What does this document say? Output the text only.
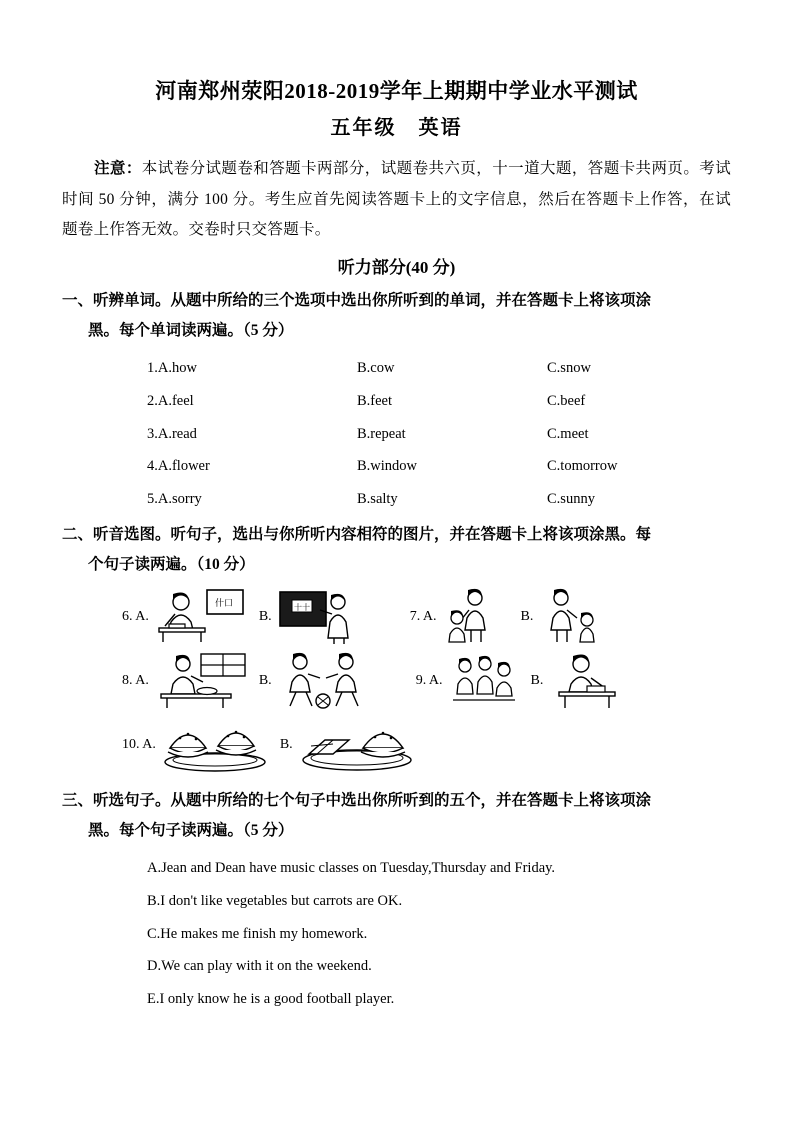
河南郑州荥阳2018-2019学年上期期中学业水平测试
五年级　英语

注意：本试卷分试题卷和答题卡两部分，试题卷共六页，十一道大题，答题卡共两页。考试时间 50 分钟，满分 100 分。考生应首先阅读答题卡上的文字信息，然后在答题卡上作答，在试题卷上作答无效。交卷时只交答题卡。

听力部分(40 分)
一、听辨单词。从题中所给的三个选项中选出你所听到的单词，并在答题卡上将该项涂
黑。每个单词读两遍。（5 分）
1.A.how	B.cow	C.snow
2.A.feel	B.feet	C.beef
3.A.read	B.repeat	C.meet
4.A.flower	B.window	C.tomorrow
5.A.sorry	B.salty	C.sunny
二、听音选图。听句子，选出与你所听内容相符的图片，并在答题卡上将该项涂黑。每
个句子读两遍。（10 分）
6. A.
什口
B.
十十
7. A.	B.
8. A.	B.	9. A.	B.
10. A.	B.
三、听选句子。从题中所给的七个句子中选出你所听到的五个，并在答题卡上将该项涂
黑。每个句子读两遍。（5 分）
A.Jean and Dean have music classes on Tuesday,Thursday and Friday.
B.I don't like vegetables but carrots are OK.
C.He makes me finish my homework.
D.We can play with it on the weekend.
E.I only know he is a good football player.
